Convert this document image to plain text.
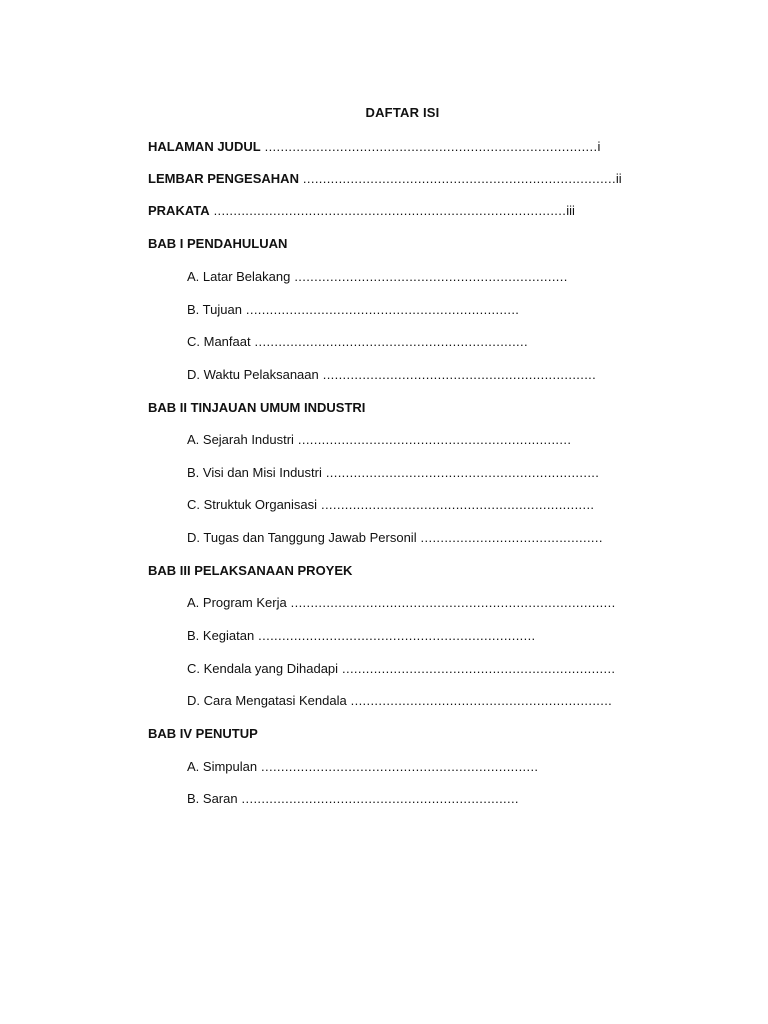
DAFTAR ISI
HALAMAN JUDUL ....................................................................................i
LEMBAR PENGESAHAN ...............................................................................ii
PRAKATA .........................................................................................iii
BAB I PENDAHULUAN
A. Latar Belakang .....................................................................
B. Tujuan .....................................................................
C. Manfaat .....................................................................
D. Waktu Pelaksanaan .....................................................................
BAB II TINJAUAN UMUM INDUSTRI
A. Sejarah Industri .....................................................................
B. Visi dan Misi Industri .....................................................................
C. Struktuk Organisasi .....................................................................
D. Tugas dan Tanggung Jawab Personil ..............................................
BAB III PELAKSANAAN PROYEK
A. Program Kerja ..................................................................................
B. Kegiatan ......................................................................
C. Kendala yang Dihadapi .....................................................................
D. Cara Mengatasi Kendala ..................................................................
BAB IV PENUTUP
A. Simpulan ......................................................................
B. Saran ......................................................................
